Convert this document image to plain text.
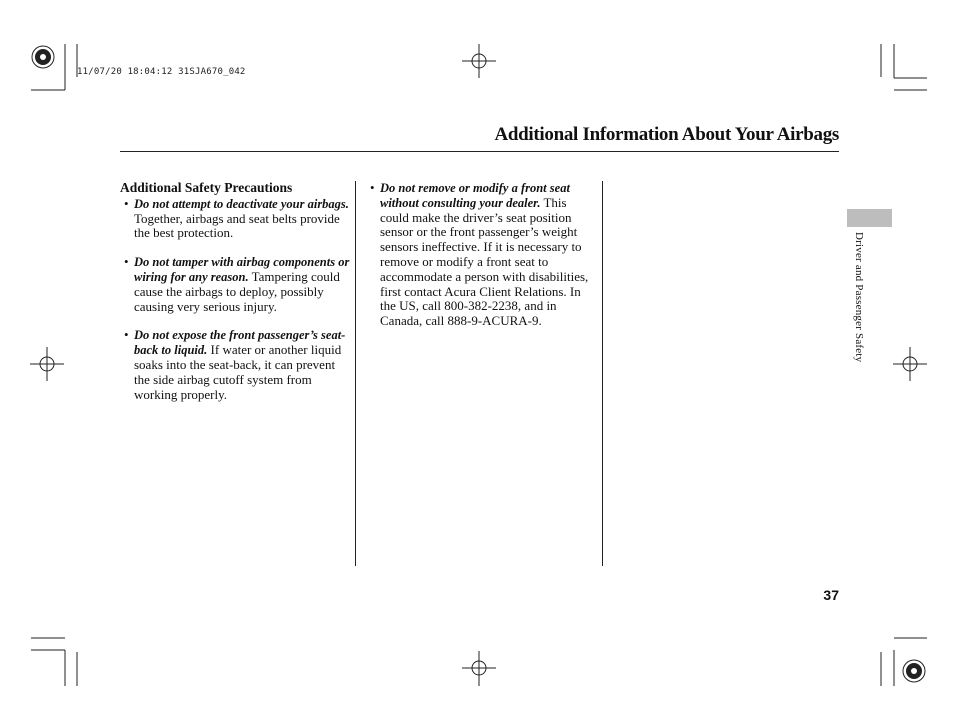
11/07/20 18:04:12 31SJA670_042
Additional Information About Your Airbags

Additional Safety Precautions

• Do not attempt to deactivate your airbags. Together, airbags and seat belts provide the best protection.
• Do not tamper with airbag components or wiring for any reason. Tampering could cause the airbags to deploy, possibly causing very serious injury.
• Do not expose the front passenger’s seat-back to liquid. If water or another liquid soaks into the seat-back, it can prevent the side airbag cutoff system from working properly.
• Do not remove or modify a front seat without consulting your dealer. This could make the driver’s seat position sensor or the front passenger’s weight sensors ineffective. If it is necessary to remove or modify a front seat to accommodate a person with disabilities, first contact Acura Client Relations. In the US, call 800-382-2238, and in Canada, call 888-9-ACURA-9.	Driver and Passenger Safety
37
